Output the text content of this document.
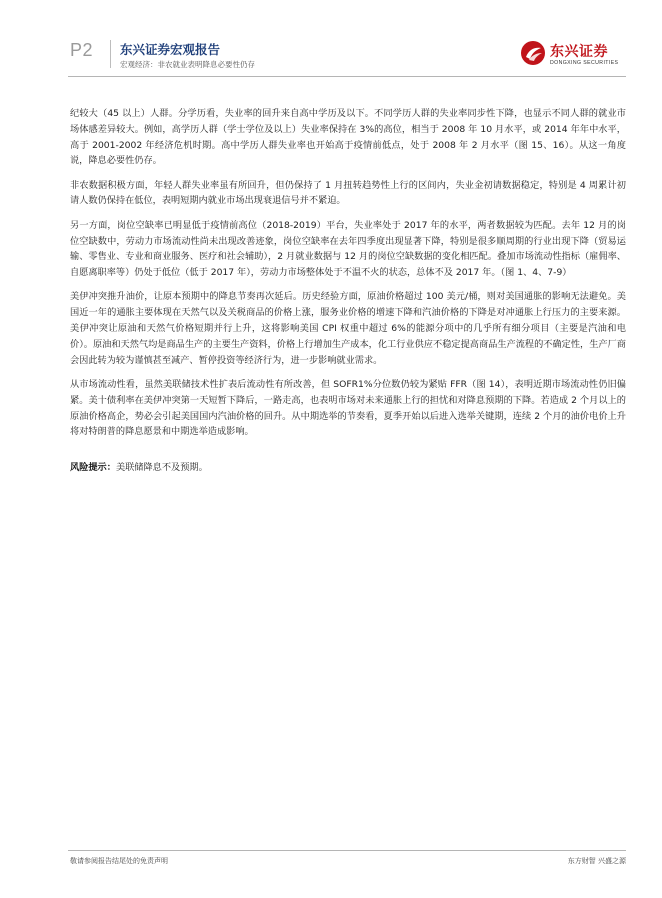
P2 东兴证券宏观报告
宏观经济：非农就业表明降息必要性仍存
东兴证券
DONGXING SECURITIES

纪较大（45 以上）人群。分学历看，失业率的回升来自高中学历及以下。不同学历人群的失业率同步性下降，也显示不同人群的就业市场体感差异较大。例如，高学历人群（学士学位及以上）失业率保持在 3%的高位，相当于 2008 年 10 月水平，或 2014 年年中水平，高于 2001-2002 年经济危机时期。高中学历人群失业率也开始高于疫情前低点，处于 2008 年 2 月水平（图 15、16）。从这一角度说，降息必要性仍存。

非农数据积极方面，年轻人群失业率虽有所回升，但仍保持了 1 月扭转趋势性上行的区间内，失业金初请数据稳定，特别是 4 周累计初请人数仍保持在低位，表明短期内就业市场出现衰退信号并不紧迫。

另一方面，岗位空缺率已明显低于疫情前高位（2018-2019）平台，失业率处于 2017 年的水平，两者数据较为匹配。去年 12 月的岗位空缺数中，劳动力市场流动性尚未出现改善迹象，岗位空缺率在去年四季度出现显著下降，特别是很多顺周期的行业出现下降（贸易运输、零售业、专业和商业服务、医疗和社会辅助），2 月就业数据与 12 月的岗位空缺数据的变化相匹配。叠加市场流动性指标（雇佣率、自愿离职率等）仍处于低位（低于 2017 年），劳动力市场整体处于不温不火的状态，总体不及 2017 年。（图 1、4、7-9）

美伊冲突推升油价，让原本预期中的降息节奏再次延后。历史经验方面，原油价格超过 100 美元/桶，则对美国通胀的影响无法避免。美国近一年的通胀主要体现在天然气以及关税商品的价格上涨，服务业价格的增速下降和汽油价格的下降是对冲通胀上行压力的主要来源。美伊冲突让原油和天然气价格短期并行上升，这将影响美国 CPI 权重中超过 6%的能源分项中的几乎所有细分项目（主要是汽油和电价）。原油和天然气均是商品生产的主要生产资料，价格上行增加生产成本，化工行业供应不稳定提高商品生产流程的不确定性，生产厂商会因此转为较为谨慎甚至减产、暂停投资等经济行为，进一步影响就业需求。

从市场流动性看，虽然美联储技术性扩表后流动性有所改善，但 SOFR1%分位数仍较为紧贴 FFR（图 14），表明近期市场流动性仍旧偏紧。美十债利率在美伊冲突第一天短暂下降后，一路走高，也表明市场对未来通胀上行的担忧和对降息预期的下降。若造成 2 个月以上的原油价格高企，势必会引起美国国内汽油价格的回升。从中期选举的节奏看，夏季开始以后进入选举关键期，连续 2 个月的油价电价上升将对特朗普的降息愿景和中期选举造成影响。

风险提示：美联储降息不及预期。
敬请参阅报告结尾处的免责声明	东方财智 兴盛之源
